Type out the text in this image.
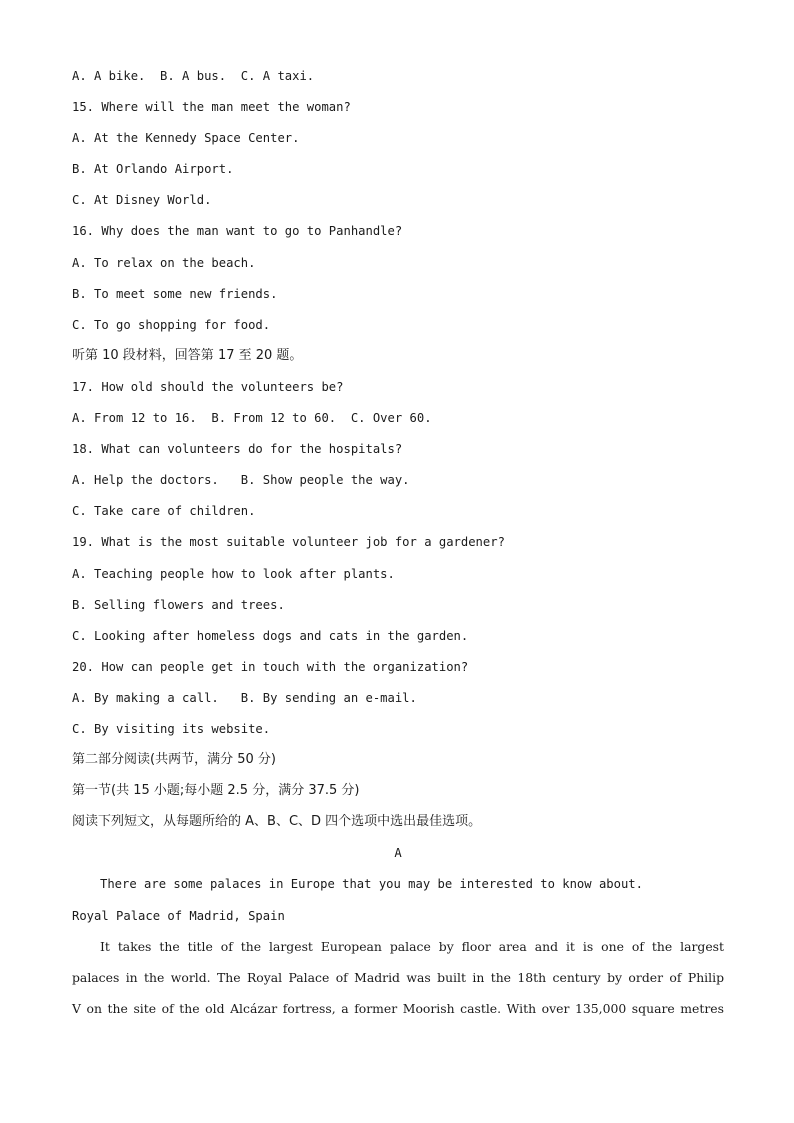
A. A bike.  B. A bus.  C. A taxi.
15. Where will the man meet the woman?
A. At the Kennedy Space Center.
B. At Orlando Airport.
C. At Disney World.
16. Why does the man want to go to Panhandle?
A. To relax on the beach.
B. To meet some new friends.
C. To go shopping for food.
听第 10 段材料，回答第 17 至 20 题。
17. How old should the volunteers be?
A. From 12 to 16.  B. From 12 to 60.  C. Over 60.
18. What can volunteers do for the hospitals?
A. Help the doctors.   B. Show people the way.
C. Take care of children.
19. What is the most suitable volunteer job for a gardener?
A. Teaching people how to look after plants.
B. Selling flowers and trees.
C. Looking after homeless dogs and cats in the garden.
20. How can people get in touch with the organization?
A. By making a call.   B. By sending an e-mail.
C. By visiting its website.
第二部分阅读(共两节，满分 50 分)
第一节(共 15 小题;每小题 2.5 分，满分 37.5 分)
阅读下列短文，从每题所给的 A、B、C、D 四个选项中选出最佳选项。
A
There are some palaces in Europe that you may be interested to know about.
Royal Palace of Madrid, Spain
It takes the title of the largest European palace by floor area and it is one of the largest
palaces in the world. The Royal Palace of Madrid was built in the 18th century by order of Philip
V on the site of the old Alcázar fortress, a former Moorish castle. With over 135,000 square metres
